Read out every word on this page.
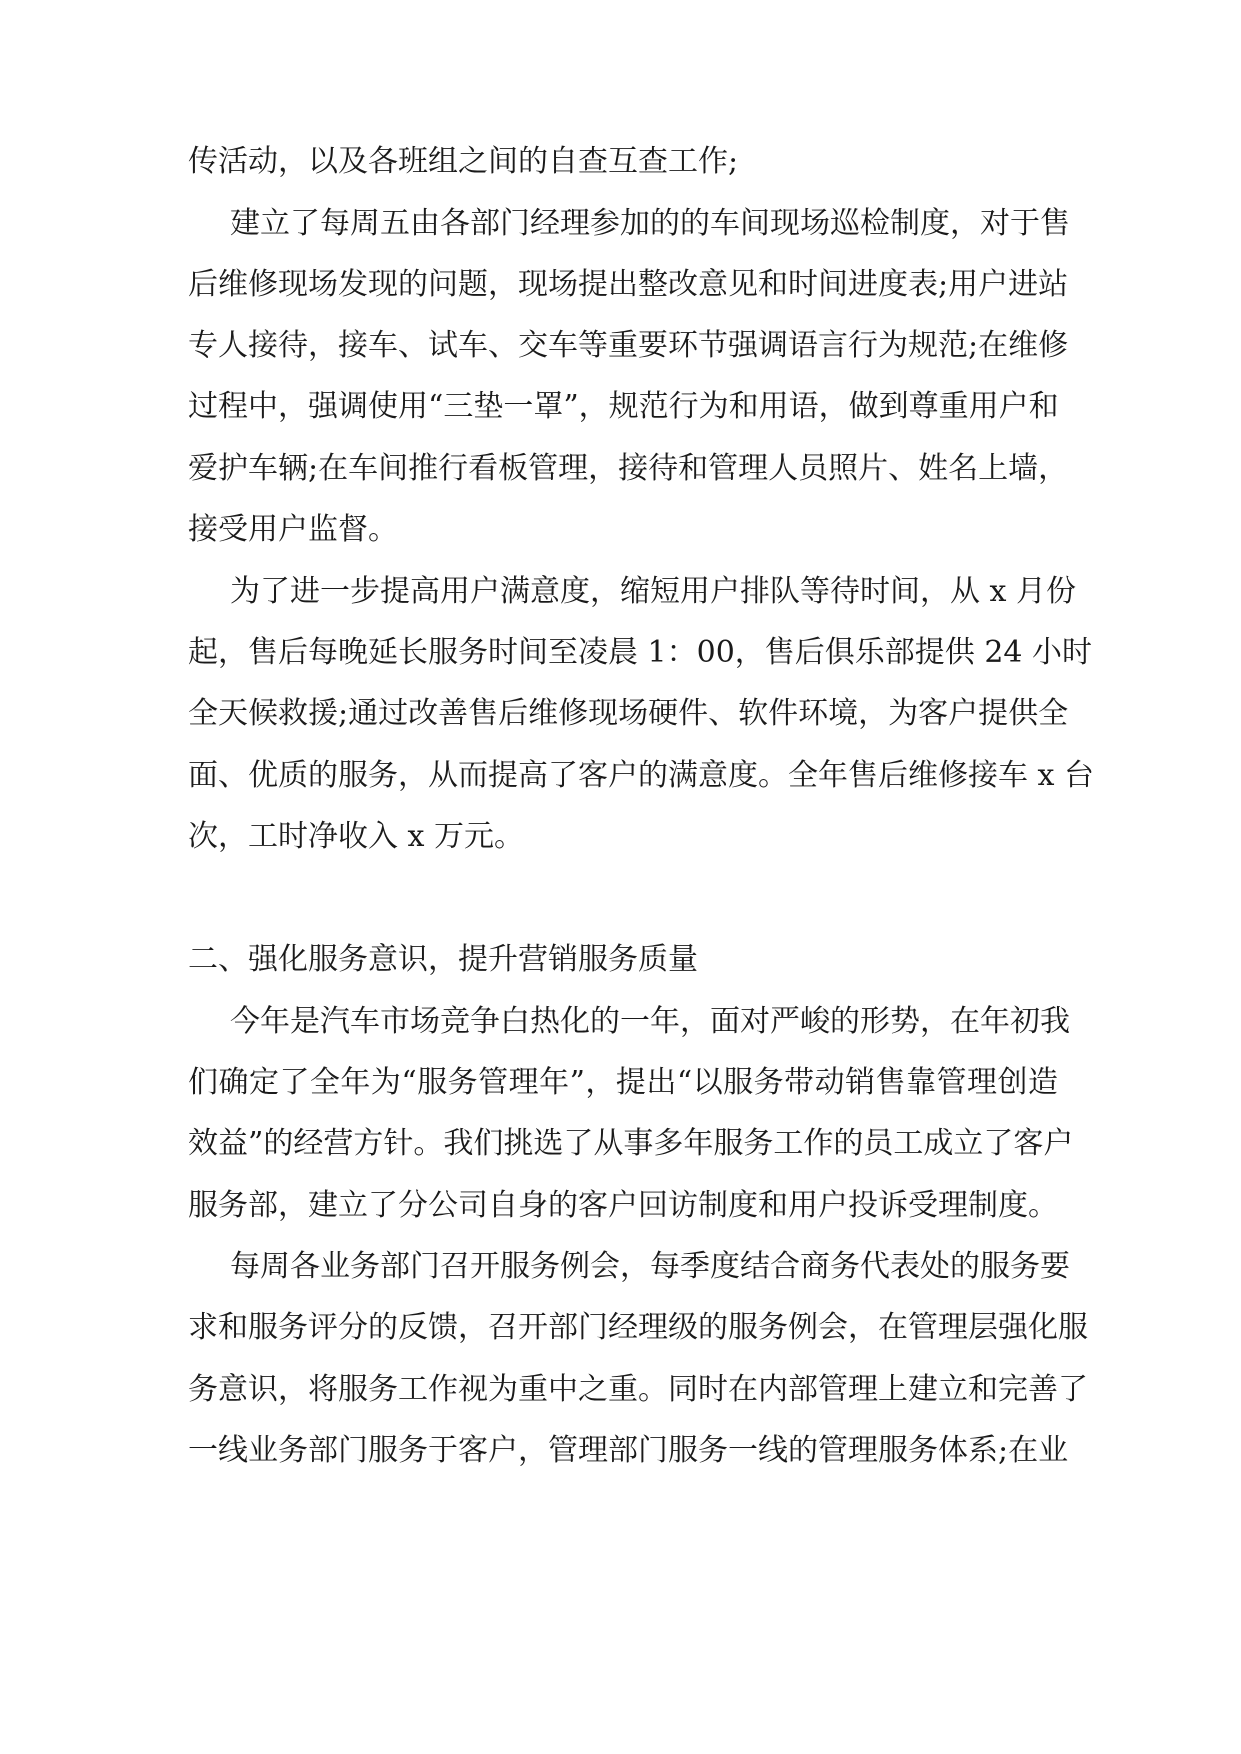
传活动，以及各班组之间的自查互查工作;

建立了每周五由各部门经理参加的的车间现场巡检制度，对于售

后维修现场发现的问题，现场提出整改意见和时间进度表;用户进站

专人接待，接车、试车、交车等重要环节强调语言行为规范;在维修

过程中，强调使用“三垫一罩”，规范行为和用语，做到尊重用户和

爱护车辆;在车间推行看板管理，接待和管理人员照片、姓名上墙，

接受用户监督。

为了进一步提高用户满意度，缩短用户排队等待时间，从 x 月份

起，售后每晚延长服务时间至凌晨 1：00，售后俱乐部提供 24 小时

全天候救援;通过改善售后维修现场硬件、软件环境，为客户提供全

面、优质的服务，从而提高了客户的满意度。全年售后维修接车 x 台

次，工时净收入 x 万元。

二、强化服务意识，提升营销服务质量

今年是汽车市场竞争白热化的一年，面对严峻的形势，在年初我

们确定了全年为“服务管理年”，提出“以服务带动销售靠管理创造

效益”的经营方针。我们挑选了从事多年服务工作的员工成立了客户

服务部，建立了分公司自身的客户回访制度和用户投诉受理制度。

每周各业务部门召开服务例会，每季度结合商务代表处的服务要

求和服务评分的反馈，召开部门经理级的服务例会，在管理层强化服

务意识，将服务工作视为重中之重。同时在内部管理上建立和完善了

一线业务部门服务于客户，管理部门服务一线的管理服务体系;在业
